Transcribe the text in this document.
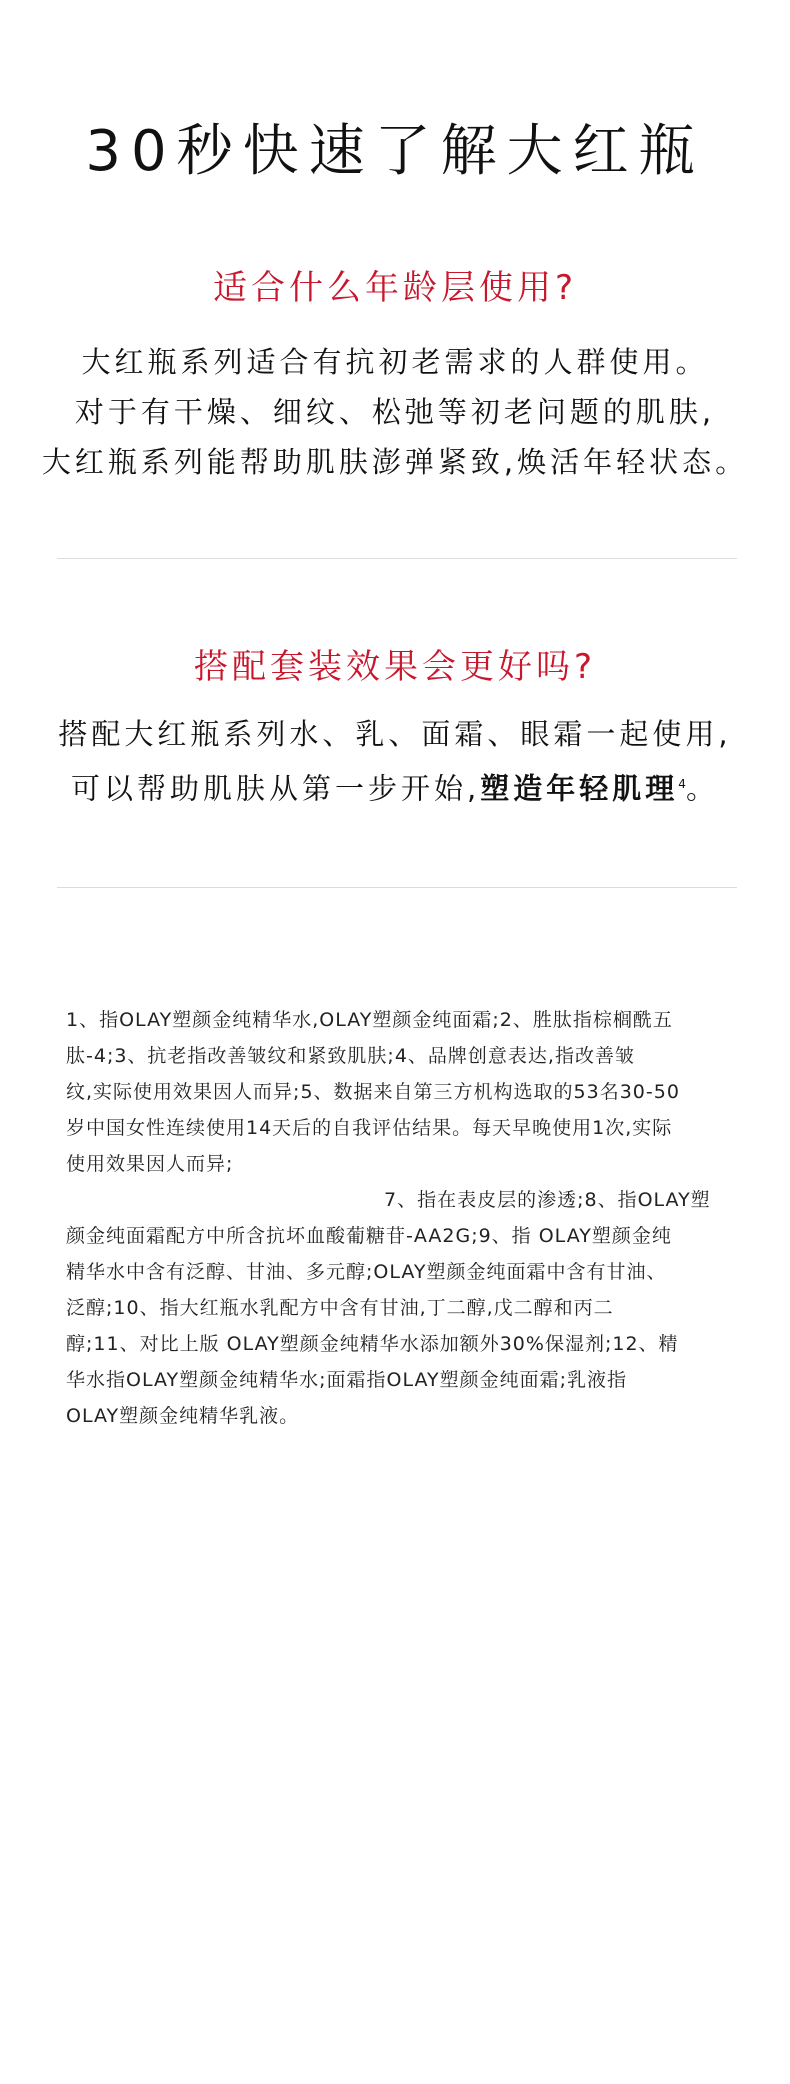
30秒快速了解大红瓶
适合什么年龄层使用?
大红瓶系列适合有抗初老需求的人群使用。
对于有干燥、细纹、松弛等初老问题的肌肤,
大红瓶系列能帮助肌肤澎弹紧致,焕活年轻状态。
搭配套装效果会更好吗?
搭配大红瓶系列水、乳、面霜、眼霜一起使用,
可以帮助肌肤从第一步开始,塑造年轻肌理$^4$。
1、指OLAY塑颜金纯精华水,OLAY塑颜金纯面霜;2、胜肽指棕榈酰五
肽-4;3、抗老指改善皱纹和紧致肌肤;4、品牌创意表达,指改善皱
纹,实际使用效果因人而异;5、数据来自第三方机构选取的53名30-50
岁中国女性连续使用14天后的自我评估结果。每天早晚使用1次,实际
使用效果因人而异;
7、指在表皮层的渗透;8、指OLAY塑
颜金纯面霜配方中所含抗坏血酸葡糖苷-AA2G;9、指 OLAY塑颜金纯
精华水中含有泛醇、甘油、多元醇;OLAY塑颜金纯面霜中含有甘油、
泛醇;10、指大红瓶水乳配方中含有甘油,丁二醇,戊二醇和丙二
醇;11、对比上版 OLAY塑颜金纯精华水添加额外30%保湿剂;12、精
华水指OLAY塑颜金纯精华水;面霜指OLAY塑颜金纯面霜;乳液指
OLAY塑颜金纯精华乳液。
